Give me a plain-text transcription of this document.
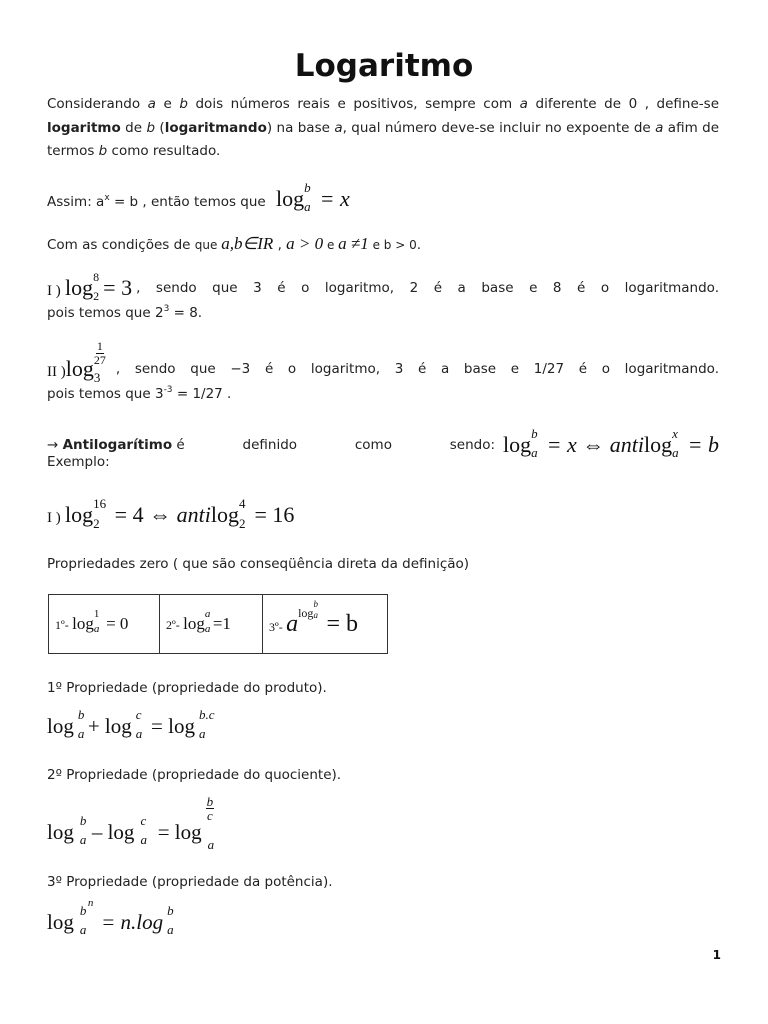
Logaritmo

Considerando a e b dois números reais e positivos, sempre com a diferente de 0 , define-se logaritmo de b (logaritmando) na base a, qual número deve-se incluir no expoente de a afim de termos b como resultado.

Assim: $a^x = b$ , então temos que log b
a = x
Com as condições de que a,b∈IR , a > 0 e a ≠1 e b > 0.
I ) log 8
2 = 3 , sendo que 3 é o logaritmo, 2 é a base e 8 é o logaritmando.
pois temos que $2^3 = 8$.
II )log
$\frac{1}{27}$
3
, sendo que −3 é o logaritmo, 3 é a base e 1/27 é o logaritmando.
pois temos que $3^{-3} = 1/27$ .
→ Antilogarítimo é	definido	como	sendo: log b
a = x ⇔ antilog x
a = b
Exemplo:
I ) log 16
2 = 4 ⇔ antilog 4
2 = 16
Propriedades zero ( que são conseqüência direta da definição)
1º- log 1
a = 0	2º- log a
a =1	3º- $a^{log b a} = b$
1º Propriedade (propriedade do produto).
log b
a + log c
a = log b.c
a
2º Propriedade (propriedade do quociente).
log b
a – log c
a = log
$\frac{b}{c}$
a
3º Propriedade (propriedade da potência).
log b n
a = n.log b
a
1
